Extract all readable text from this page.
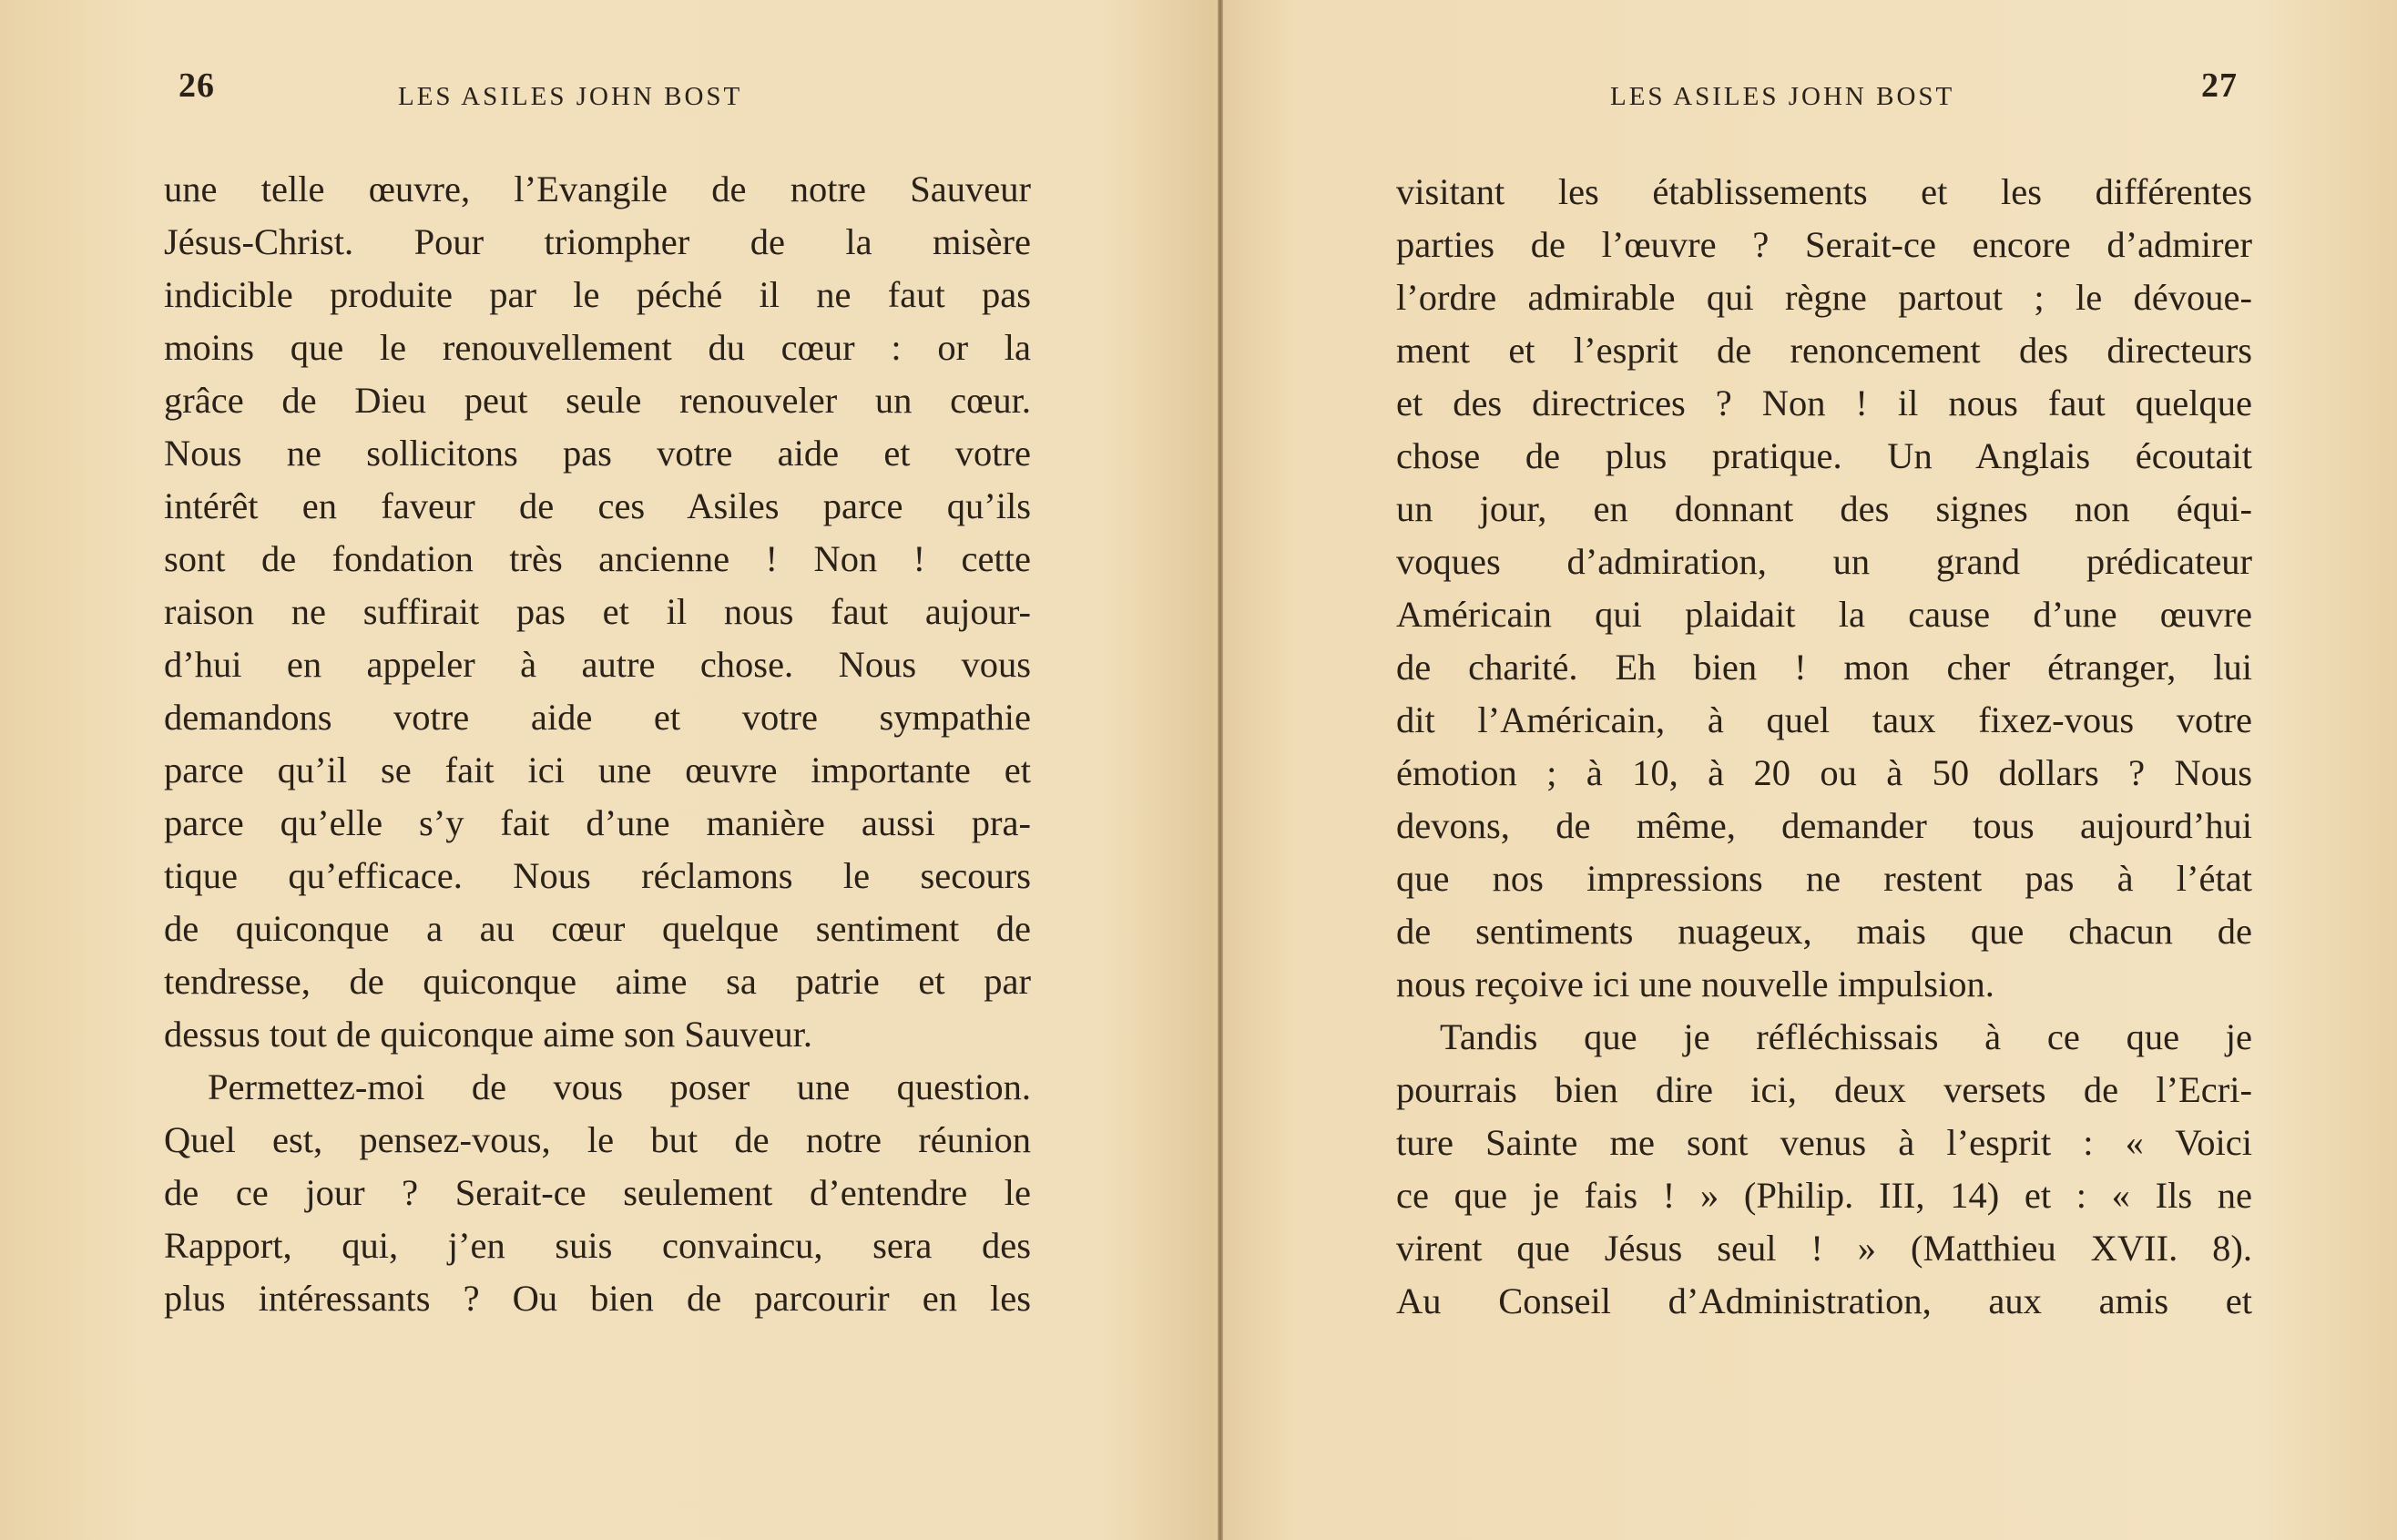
26	LES ASILES JOHN BOST
une telle œuvre, l’Evangile de notre Sauveur
Jésus-Christ. Pour triompher de la misère
indicible produite par le péché il ne faut pas
moins que le renouvellement du cœur : or la
grâce de Dieu peut seule renouveler un cœur.
Nous ne sollicitons pas votre aide et votre
intérêt en faveur de ces Asiles parce qu’ils
sont de fondation très ancienne ! Non ! cette
raison ne suffirait pas et il nous faut aujour-
d’hui en appeler à autre chose. Nous vous
demandons votre aide et votre sympathie
parce qu’il se fait ici une œuvre importante et
parce qu’elle s’y fait d’une manière aussi pra-
tique qu’efficace. Nous réclamons le secours
de quiconque a au cœur quelque sentiment de
tendresse, de quiconque aime sa patrie et par
dessus tout de quiconque aime son Sauveur.
Permettez-moi de vous poser une question.
Quel est, pensez-vous, le but de notre réunion
de ce jour ? Serait-ce seulement d’entendre le
Rapport, qui, j’en suis convaincu, sera des
plus intéressants ? Ou bien de parcourir en les
LES ASILES JOHN BOST	27
visitant les établissements et les différentes
parties de l’œuvre ? Serait-ce encore d’admirer
l’ordre admirable qui règne partout ; le dévoue-
ment et l’esprit de renoncement des directeurs
et des directrices ? Non ! il nous faut quelque
chose de plus pratique. Un Anglais écoutait
un jour, en donnant des signes non équi-
voques d’admiration, un grand prédicateur
Américain qui plaidait la cause d’une œuvre
de charité. Eh bien ! mon cher étranger, lui
dit l’Américain, à quel taux fixez-vous votre
émotion ; à 10, à 20 ou à 50 dollars ? Nous
devons, de même, demander tous aujourd’hui
que nos impressions ne restent pas à l’état
de sentiments nuageux, mais que chacun de
nous reçoive ici une nouvelle impulsion.
Tandis que je réfléchissais à ce que je
pourrais bien dire ici, deux versets de l’Ecri-
ture Sainte me sont venus à l’esprit : « Voici
ce que je fais ! » (Philip. III, 14) et : « Ils ne
virent que Jésus seul ! » (Matthieu XVII. 8).
Au Conseil d’Administration, aux amis et
